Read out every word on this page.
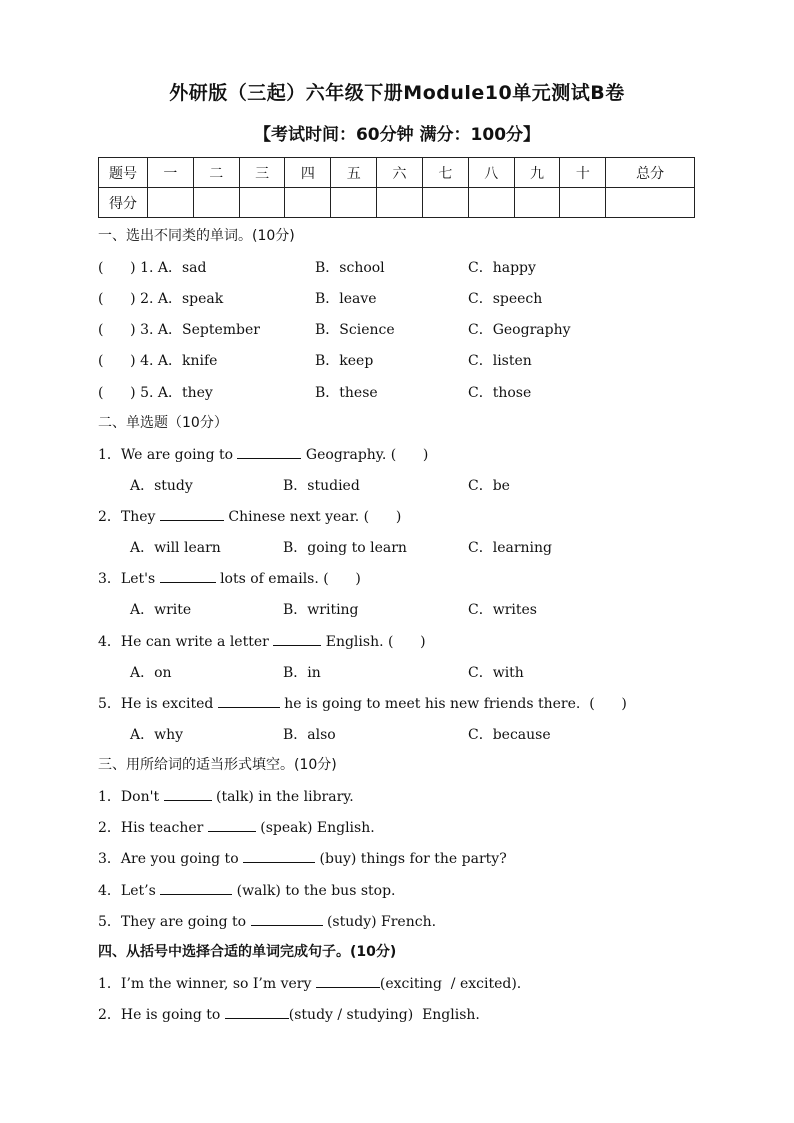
外研版（三起）六年级下册Module10单元测试B卷
【考试时间：60分钟 满分：100分】
题号	一	二	三	四	五	六	七	八	九	十	总分
得分											
一、选出不同类的单词。(10分)
(      ) 1. A．sad	B．school	C．happy
(      ) 2. A．speak	B．leave	C．speech
(      ) 3. A．September	B．Science	C．Geography
(      ) 4. A．knife	B．keep	C．listen
(      ) 5. A．they	B．these	C．those
二、单选题（10分）
1．We are going to	Geography. (      )
A．study	B．studied	C．be
2．They	Chinese next year. (      )
A．will learn	B．going to learn	C．learning
3．Let's	lots of emails. (      )
A．write	B．writing	C．writes
4．He can write a letter	English. (      )
A．on	B．in	C．with
5．He is excited	he is going to meet his new friends there.  (      )
A．why	B．also	C．because
三、用所给词的适当形式填空。(10分)
1．Don't	(talk) in the library.
2．His teacher	(speak) English.
3．Are you going to	(buy) things for the party?
4．Let’s	(walk) to the bus stop.
5．They are going to	(study) French.
四、从括号中选择合适的单词完成句子。(10分)
1．I’m the winner, so I’m very	(exciting  / excited).
2．He is going to	(study / studying)  English.
